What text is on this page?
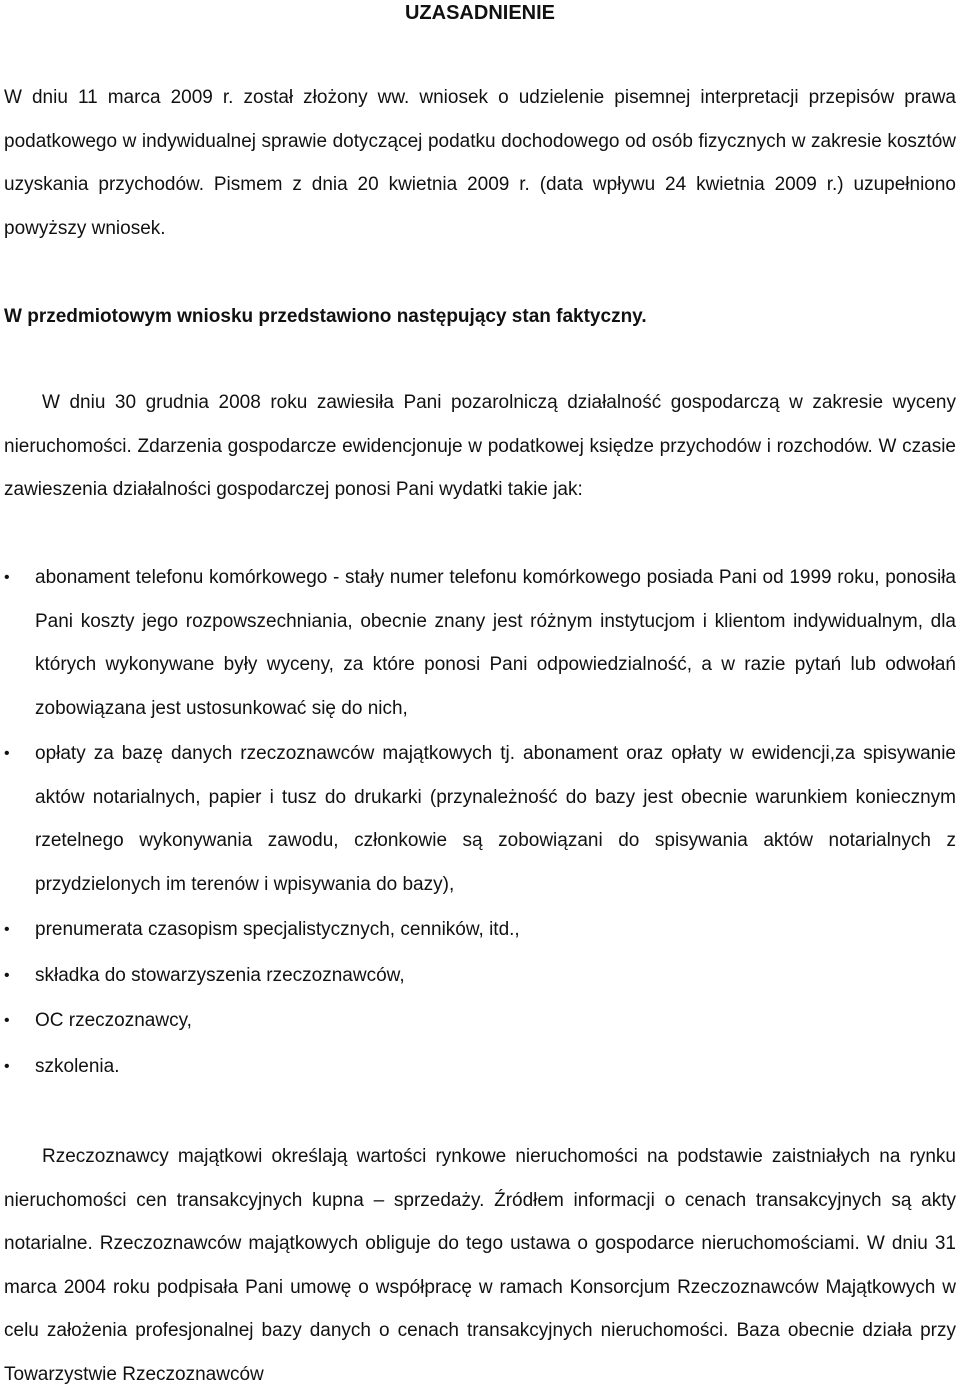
UZASADNIENIE

W dniu 11 marca 2009 r. został złożony ww. wniosek o udzielenie pisemnej interpretacji przepisów prawa podatkowego w indywidualnej sprawie dotyczącej podatku dochodowego od osób fizycznych w zakresie kosztów uzyskania przychodów. Pismem z dnia 20 kwietnia 2009 r. (data wpływu 24 kwietnia 2009 r.) uzupełniono powyższy wniosek.

W przedmiotowym wniosku przedstawiono następujący stan faktyczny.

W dniu 30 grudnia 2008 roku zawiesiła Pani pozarolniczą działalność gospodarczą w zakresie wyceny nieruchomości. Zdarzenia gospodarcze ewidencjonuje w podatkowej księdze przychodów i rozchodów. W czasie zawieszenia działalności gospodarczej ponosi Pani wydatki takie jak:

• abonament telefonu komórkowego - stały numer telefonu komórkowego posiada Pani od 1999 roku, ponosiła Pani koszty jego rozpowszechniania, obecnie znany jest różnym instytucjom i klientom indywidualnym, dla których wykonywane były wyceny, za które ponosi Pani odpowiedzialność, a w razie pytań lub odwołań zobowiązana jest ustosunkować się do nich,
• opłaty za bazę danych rzeczoznawców majątkowych tj. abonament oraz opłaty w ewidencji,za spisywanie aktów notarialnych, papier i tusz do drukarki (przynależność do bazy jest obecnie warunkiem koniecznym rzetelnego wykonywania zawodu, członkowie są zobowiązani do spisywania aktów notarialnych z przydzielonych im terenów i wpisywania do bazy),
• prenumerata czasopism specjalistycznych, cenników, itd.,
• składka do stowarzyszenia rzeczoznawców,
• OC rzeczoznawcy,
• szkolenia.

Rzeczoznawcy majątkowi określają wartości rynkowe nieruchomości na podstawie zaistniałych na rynku nieruchomości cen transakcyjnych kupna – sprzedaży. Źródłem informacji o cenach transakcyjnych są akty notarialne. Rzeczoznawców majątkowych obliguje do tego ustawa o gospodarce nieruchomościami. W dniu 31 marca 2004 roku podpisała Pani umowę o współpracę w ramach Konsorcjum Rzeczoznawców Majątkowych w celu założenia profesjonalnej bazy danych o cenach transakcyjnych nieruchomości. Baza obecnie działa przy Towarzystwie Rzeczoznawców
